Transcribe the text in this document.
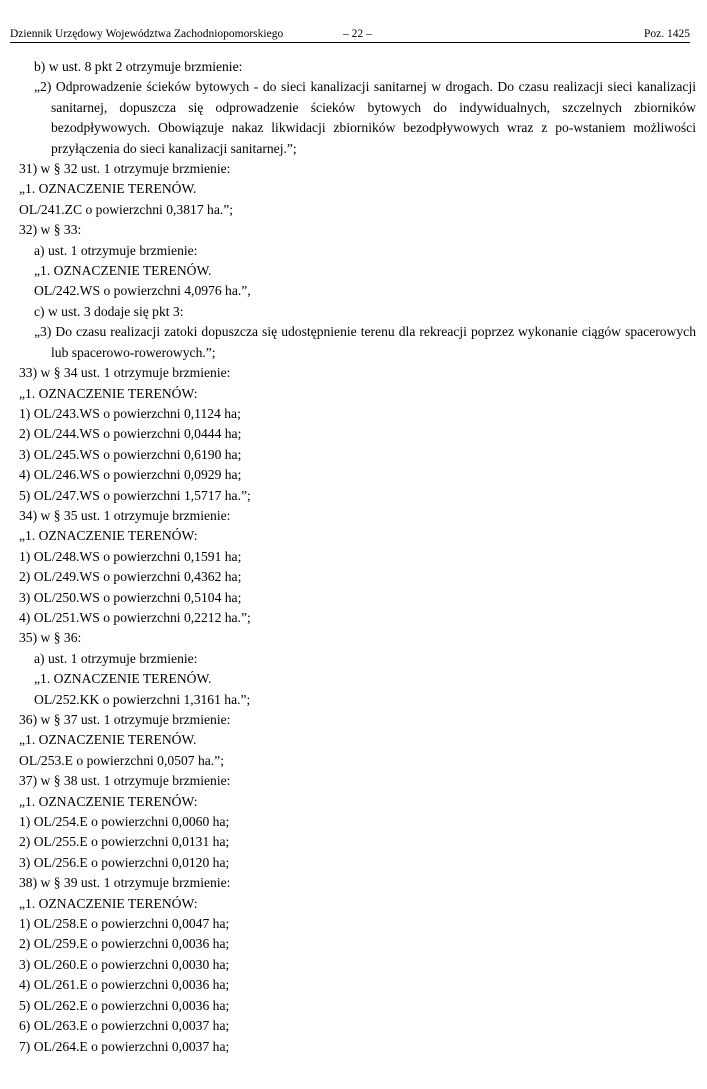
Dziennik Urzędowy Województwa Zachodniopomorskiego	– 22 –	Poz. 1425
b) w ust. 8 pkt 2 otrzymuje brzmienie:
„2) Odprowadzenie ścieków bytowych - do sieci kanalizacji sanitarnej w drogach. Do czasu realizacji sieci kanalizacji sanitarnej, dopuszcza się odprowadzenie ścieków bytowych do indywidualnych, szczelnych zbiorników bezodpływowych. Obowiązuje nakaz likwidacji zbiorników bezodpływowych wraz z po-wstaniem możliwości przyłączenia do sieci kanalizacji sanitarnej.”;
31) w § 32 ust. 1 otrzymuje brzmienie:
„1. OZNACZENIE TERENÓW.
OL/241.ZC o powierzchni 0,3817 ha.”;
32) w § 33:
a) ust. 1 otrzymuje brzmienie:
„1. OZNACZENIE TERENÓW.
OL/242.WS o powierzchni 4,0976 ha.”,
c) w ust. 3 dodaje się pkt 3:
„3) Do czasu realizacji zatoki dopuszcza się udostępnienie terenu dla rekreacji poprzez wykonanie ciągów spacerowych lub spacerowo-rowerowych.”;
33) w § 34 ust. 1 otrzymuje brzmienie:
„1. OZNACZENIE TERENÓW:
1) OL/243.WS o powierzchni 0,1124 ha;
2) OL/244.WS o powierzchni 0,0444 ha;
3) OL/245.WS o powierzchni 0,6190 ha;
4) OL/246.WS o powierzchni 0,0929 ha;
5) OL/247.WS o powierzchni 1,5717 ha.”;
34) w § 35 ust. 1 otrzymuje brzmienie:
„1. OZNACZENIE TERENÓW:
1) OL/248.WS o powierzchni 0,1591 ha;
2) OL/249.WS o powierzchni 0,4362 ha;
3) OL/250.WS o powierzchni 0,5104 ha;
4) OL/251.WS o powierzchni 0,2212 ha.”;
35) w § 36:
a) ust. 1 otrzymuje brzmienie:
„1. OZNACZENIE TERENÓW.
OL/252.KK o powierzchni 1,3161 ha.”;
36) w § 37 ust. 1 otrzymuje brzmienie:
„1. OZNACZENIE TERENÓW.
OL/253.E o powierzchni 0,0507 ha.”;
37) w § 38 ust. 1 otrzymuje brzmienie:
„1. OZNACZENIE TERENÓW:
1) OL/254.E o powierzchni 0,0060 ha;
2) OL/255.E o powierzchni 0,0131 ha;
3) OL/256.E o powierzchni 0,0120 ha;
38) w § 39 ust. 1 otrzymuje brzmienie:
„1. OZNACZENIE TERENÓW:
1) OL/258.E o powierzchni 0,0047 ha;
2) OL/259.E o powierzchni 0,0036 ha;
3) OL/260.E o powierzchni 0,0030 ha;
4) OL/261.E o powierzchni 0,0036 ha;
5) OL/262.E o powierzchni 0,0036 ha;
6) OL/263.E o powierzchni 0,0037 ha;
7) OL/264.E o powierzchni 0,0037 ha;
